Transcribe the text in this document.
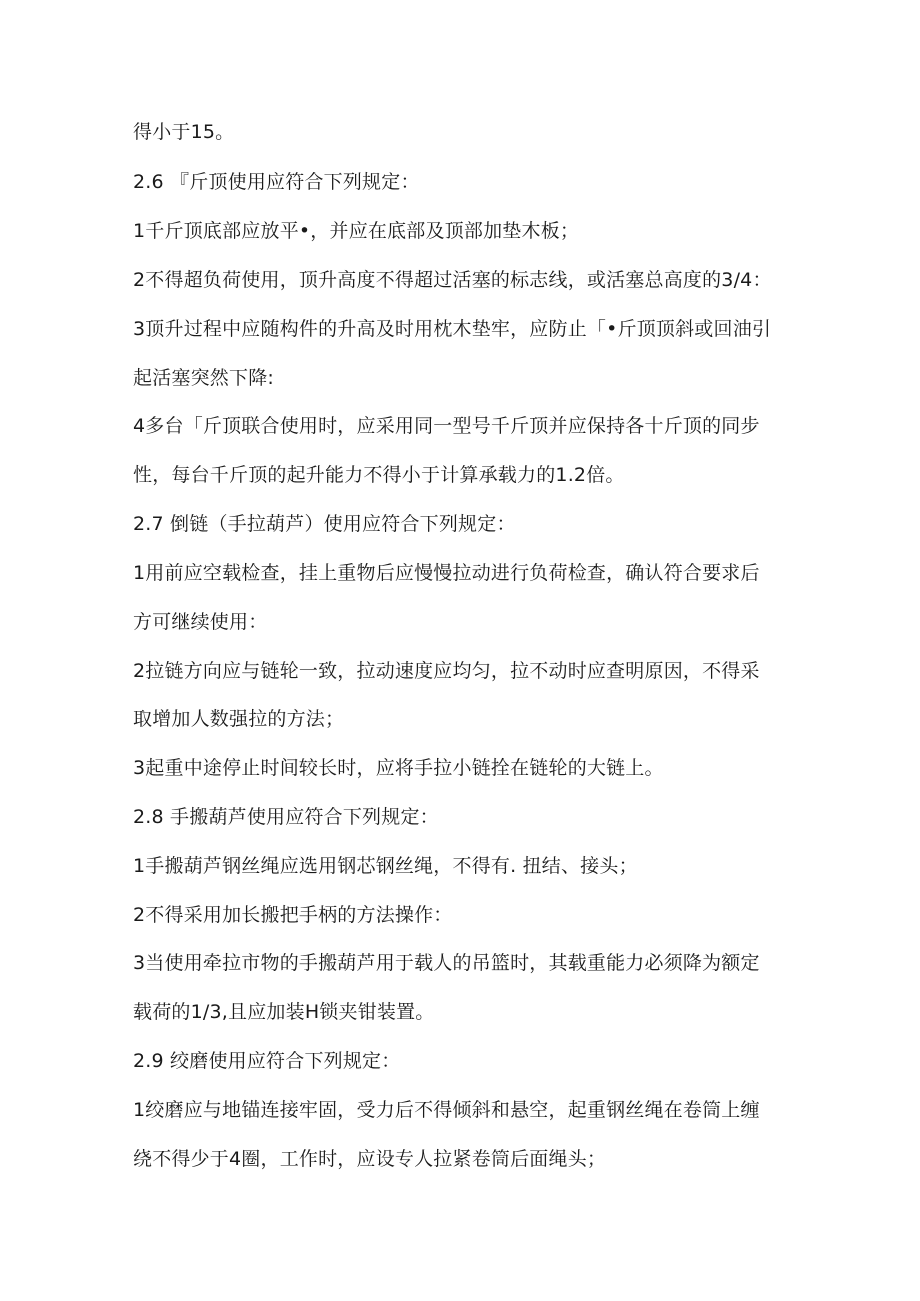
得小于15。
2.6 『斤顶使用应符合下列规定：
1千斤顶底部应放平•，并应在底部及顶部加垫木板；
2不得超负荷使用，顶升高度不得超过活塞的标志线，或活塞总高度的3/4：
3顶升过程中应随构件的升高及时用枕木垫牢，应防止「•斤顶顶斜或回油引
起活塞突然下降:
4多台「斤顶联合使用时，应采用同一型号千斤顶并应保持各十斤顶的同步
性，每台千斤顶的起升能力不得小于计算承载力的1.2倍。
2.7 倒链（手拉葫芦）使用应符合下列规定：
1用前应空载检查，挂上重物后应慢慢拉动进行负荷检查，确认符合要求后
方可继续使用：
2拉链方向应与链轮一致，拉动速度应均匀，拉不动时应查明原因，不得采
取增加人数强拉的方法；
3起重中途停止时间较长时，应将手拉小链拴在链轮的大链上。
2.8 手搬葫芦使用应符合下列规定：
1手搬葫芦钢丝绳应选用钢芯钢丝绳，不得有. 扭结、接头；
2不得采用加长搬把手柄的方法操作：
3当使用牵拉市物的手搬葫芦用于载人的吊篮时，其载重能力必须降为额定
载荷的1/3,且应加装H锁夹钳装置。
2.9 绞磨使用应符合下列规定：
1绞磨应与地锚连接牢固，受力后不得倾斜和悬空，起重钢丝绳在卷筒上缠
绕不得少于4圈，工作时，应设专人拉紧卷筒后面绳头；
